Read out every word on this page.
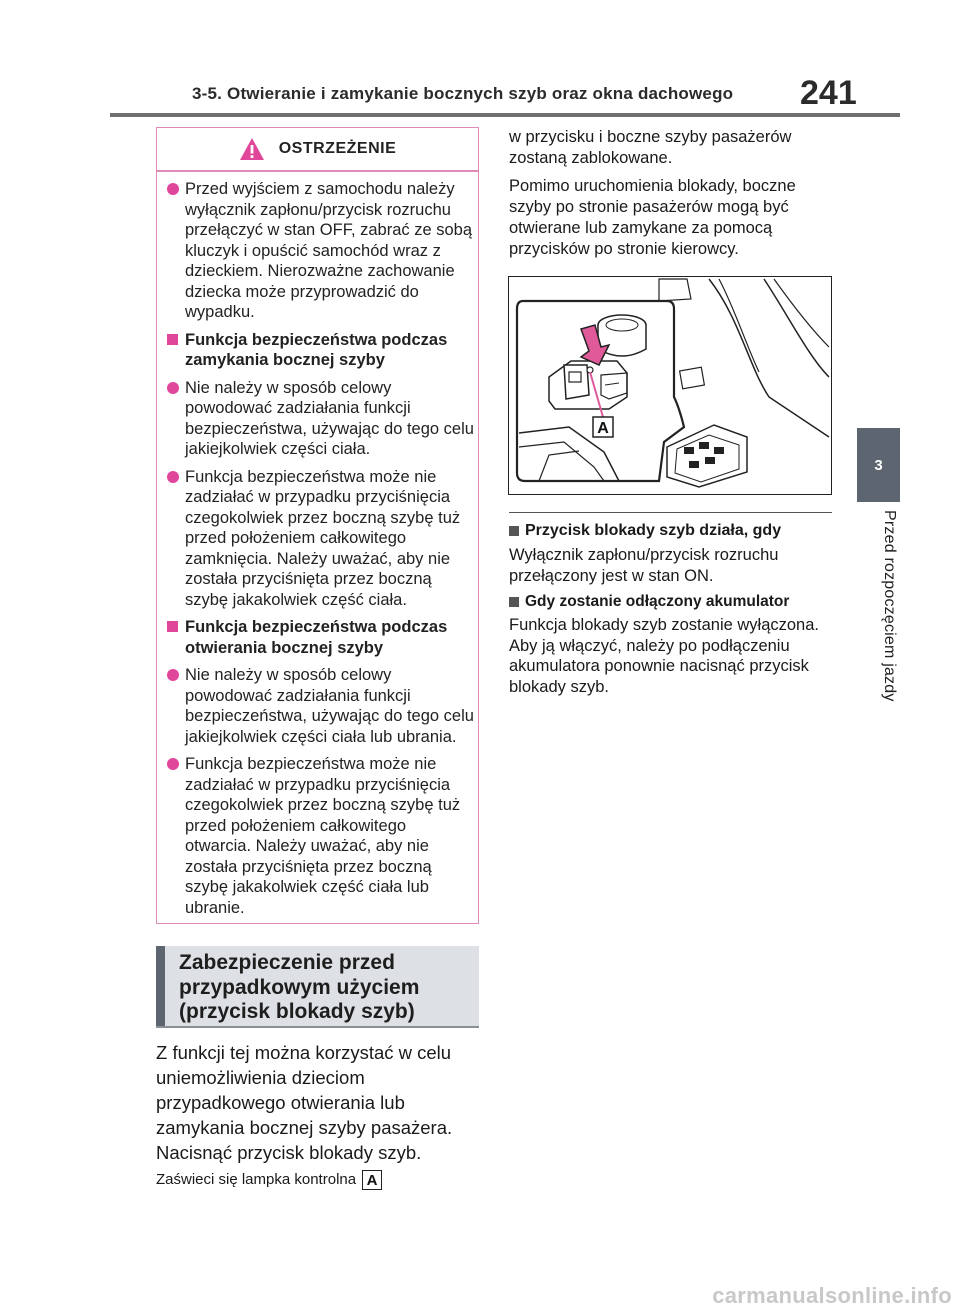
3-5. Otwieranie i zamykanie bocznych szyb oraz okna dachowego	241
OSTRZEŻENIE
Przed wyjściem z samochodu należy wyłącznik zapłonu/przycisk rozruchu przełączyć w stan OFF, zabrać ze sobą kluczyk i opuścić samochód wraz z dzieckiem. Nierozważne zachowanie dziecka może przyprowadzić do wypadku.
Funkcja bezpieczeństwa podczas zamykania bocznej szyby
Nie należy w sposób celowy powodować zadziałania funkcji bezpieczeństwa, używając do tego celu jakiejkolwiek części ciała.
Funkcja bezpieczeństwa może nie zadziałać w przypadku przyciśnięcia czegokolwiek przez boczną szybę tuż przed położeniem całkowitego zamknięcia. Należy uważać, aby nie została przyciśnięta przez boczną szybę jakakolwiek część ciała.
Funkcja bezpieczeństwa podczas otwierania bocznej szyby
Nie należy w sposób celowy powodować zadziałania funkcji bezpieczeństwa, używając do tego celu jakiejkolwiek części ciała lub ubrania.
Funkcja bezpieczeństwa może nie zadziałać w przypadku przyciśnięcia czegokolwiek przez boczną szybę tuż przed położeniem całkowitego otwarcia. Należy uważać, aby nie została przyciśnięta przez boczną szybę jakakolwiek część ciała lub ubranie.
Zabezpieczenie przed przypadkowym użyciem (przycisk blokady szyb)
Z funkcji tej można korzystać w celu uniemożliwienia dzieciom przypadkowego otwierania lub zamykania bocznej szyby pasażera.
Nacisnąć przycisk blokady szyb.
Zaświeci się lampka kontrolna A
w przycisku i boczne szyby pasażerów zostaną zablokowane.
Pomimo uruchomienia blokady, boczne szyby po stronie pasażerów mogą być otwierane lub zamykane za pomocą przycisków po stronie kierowcy.
A
Przycisk blokady szyb działa, gdy
Wyłącznik zapłonu/przycisk rozruchu przełączony jest w stan ON.
Gdy zostanie odłączony akumulator
Funkcja blokady szyb zostanie wyłączona. Aby ją włączyć, należy po podłączeniu akumulatora ponownie nacisnąć przycisk blokady szyb.
3
Przed rozpoczęciem jazdy
carmanualsonline.info
